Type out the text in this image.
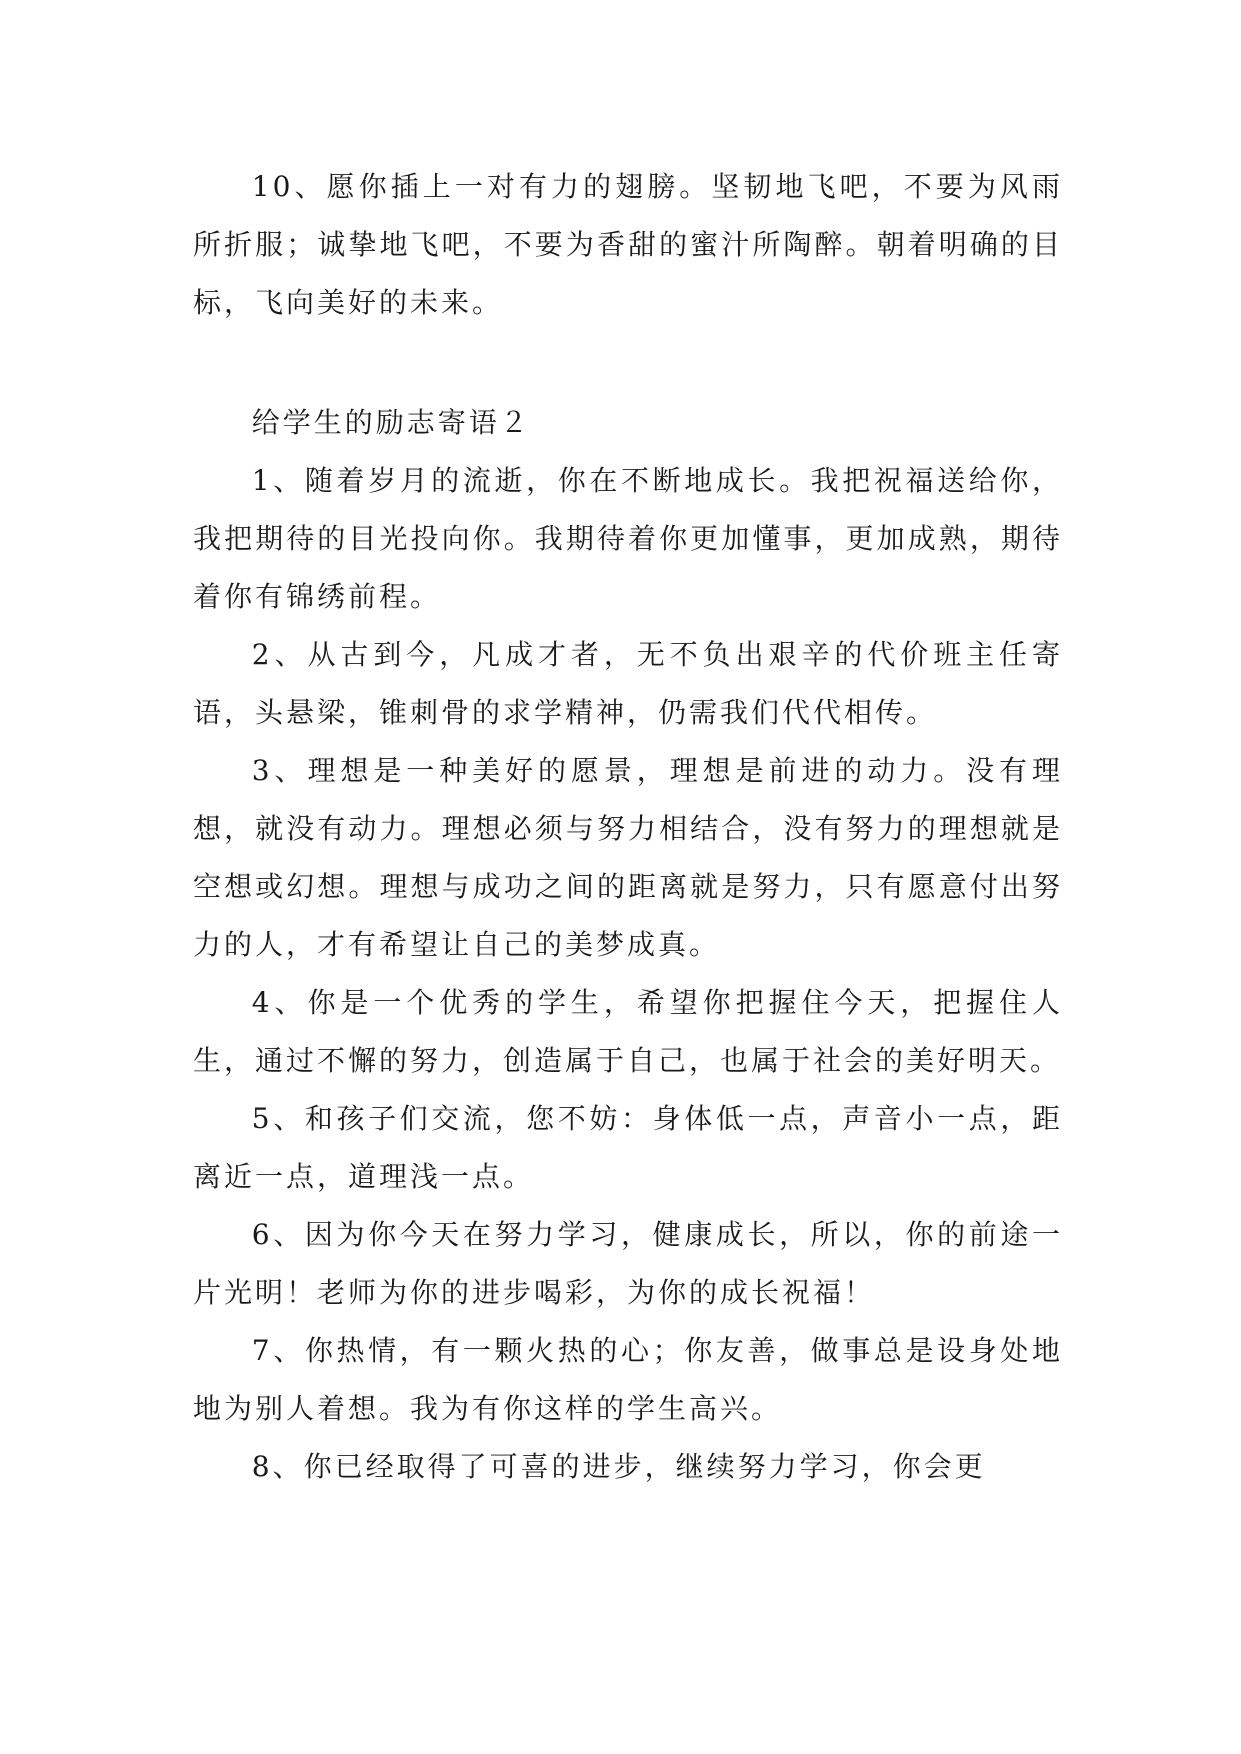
10、愿你插上一对有力的翅膀。坚韧地飞吧，不要为风雨所折服；诚挚地飞吧，不要为香甜的蜜汁所陶醉。朝着明确的目标，飞向美好的未来。

给学生的励志寄语２

1、随着岁月的流逝，你在不断地成长。我把祝福送给你，我把期待的目光投向你。我期待着你更加懂事，更加成熟，期待着你有锦绣前程。

2、从古到今，凡成才者，无不负出艰辛的代价班主任寄语，头悬梁，锥刺骨的求学精神，仍需我们代代相传。

3、理想是一种美好的愿景，理想是前进的动力。没有理想，就没有动力。理想必须与努力相结合，没有努力的理想就是空想或幻想。理想与成功之间的距离就是努力，只有愿意付出努力的人，才有希望让自己的美梦成真。

4、你是一个优秀的学生，希望你把握住今天，把握住人生，通过不懈的努力，创造属于自己，也属于社会的美好明天。

5、和孩子们交流，您不妨：身体低一点，声音小一点，距离近一点，道理浅一点。

6、因为你今天在努力学习，健康成长，所以，你的前途一片光明！老师为你的进步喝彩，为你的成长祝福！

7、你热情，有一颗火热的心；你友善，做事总是设身处地地为别人着想。我为有你这样的学生高兴。

8、你已经取得了可喜的进步，继续努力学习，你会更
